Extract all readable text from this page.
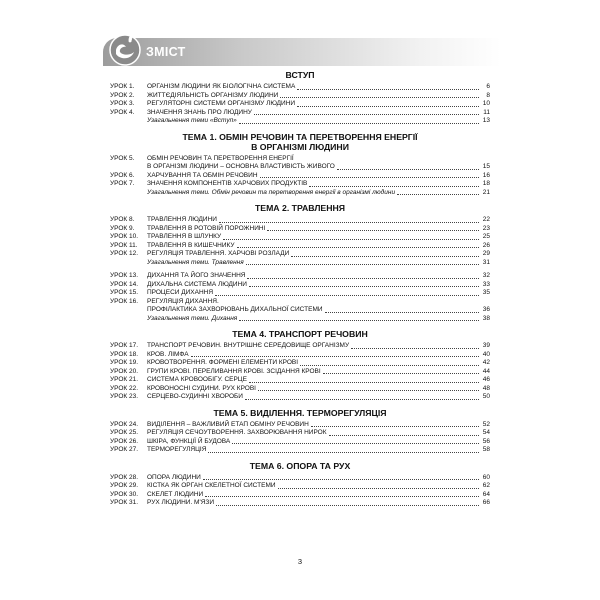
ЗМІСТ
ВСТУП
УРОК 1.	ОРГАНІЗМ ЛЮДИНИ ЯК БІОЛОГІЧНА СИСТЕМА	6
УРОК 2.	ЖИТТЄДІЯЛЬНІСТЬ ОРГАНІЗМУ ЛЮДИНИ	8
УРОК 3.	РЕГУЛЯТОРНІ СИСТЕМИ ОРГАНІЗМУ ЛЮДИНИ	10
УРОК 4.	ЗНАЧЕННЯ ЗНАНЬ ПРО ЛЮДИНУ	11
Узагальнення теми «Вступ»	13
ТЕМА 1. ОБМІН РЕЧОВИН ТА ПЕРЕТВОРЕННЯ ЕНЕРГІЇ
В ОРГАНІЗМІ ЛЮДИНИ
УРОК 5.	ОБМІН РЕЧОВИН ТА ПЕРЕТВОРЕННЯ ЕНЕРГІЇ
В ОРГАНІЗМІ ЛЮДИНИ – ОСНОВНА ВЛАСТИВІСТЬ ЖИВОГО	15
УРОК 6.	ХАРЧУВАННЯ ТА ОБМІН РЕЧОВИН	16
УРОК 7.	ЗНАЧЕННЯ КОМПОНЕНТІВ ХАРЧОВИХ ПРОДУКТІВ	18
Узагальнення теми. Обмін речовин та перетворення енергії в організмі людини	21
ТЕМА 2. ТРАВЛЕННЯ
УРОК 8.	ТРАВЛЕННЯ ЛЮДИНИ	22
УРОК 9.	ТРАВЛЕННЯ В РОТОВІЙ ПОРОЖНИНІ	23
УРОК 10.	ТРАВЛЕННЯ В ШЛУНКУ	25
УРОК 11.	ТРАВЛЕННЯ В КИШЕЧНИКУ	26
УРОК 12.	РЕГУЛЯЦІЯ ТРАВЛЕННЯ. ХАРЧОВІ РОЗЛАДИ	29
Узагальнення теми. Травлення	31
УРОК 13.	ДИХАННЯ ТА ЙОГО ЗНАЧЕННЯ	32
УРОК 14.	ДИХАЛЬНА СИСТЕМА ЛЮДИНИ	33
УРОК 15.	ПРОЦЕСИ ДИХАННЯ	35
УРОК 16.	РЕГУЛЯЦІЯ ДИХАННЯ.
ПРОФІЛАКТИКА ЗАХВОРЮВАНЬ ДИХАЛЬНОЇ СИСТЕМИ	36
Узагальнення теми. Дихання	38
ТЕМА 4. ТРАНСПОРТ РЕЧОВИН
УРОК 17.	ТРАНСПОРТ РЕЧОВИН. ВНУТРІШНЄ СЕРЕДОВИЩЕ ОРГАНІЗМУ	39
УРОК 18.	КРОВ. ЛІМФА	40
УРОК 19.	КРОВОТВОРЕННЯ. ФОРМЕНІ ЕЛЕМЕНТИ КРОВІ	42
УРОК 20.	ГРУПИ КРОВІ. ПЕРЕЛИВАННЯ КРОВІ. ЗСІДАННЯ КРОВІ	44
УРОК 21.	СИСТЕМА КРОВООБІГУ. СЕРЦЕ	46
УРОК 22.	КРОВОНОСНІ СУДИНИ. РУХ КРОВІ	48
УРОК 23.	СЕРЦЕВО-СУДИННІ ХВОРОБИ	50
ТЕМА 5. ВИДІЛЕННЯ. ТЕРМОРЕГУЛЯЦІЯ
УРОК 24.	ВИДІЛЕННЯ – ВАЖЛИВИЙ ЕТАП ОБМІНУ РЕЧОВИН	52
УРОК 25.	РЕГУЛЯЦІЯ СЕЧОУТВОРЕННЯ. ЗАХВОРЮВАННЯ НИРОК	54
УРОК 26.	ШКІРА, ФУНКЦІЇ Й БУДОВА	56
УРОК 27.	ТЕРМОРЕГУЛЯЦІЯ	58
ТЕМА 6. ОПОРА ТА РУХ
УРОК 28.	ОПОРА ЛЮДИНИ	60
УРОК 29.	КІСТКА ЯК ОРГАН СКЕЛЕТНОЇ СИСТЕМИ	62
УРОК 30.	СКЕЛЕТ ЛЮДИНИ	64
УРОК 31.	РУХ ЛЮДИНИ. М'ЯЗИ	66
3
